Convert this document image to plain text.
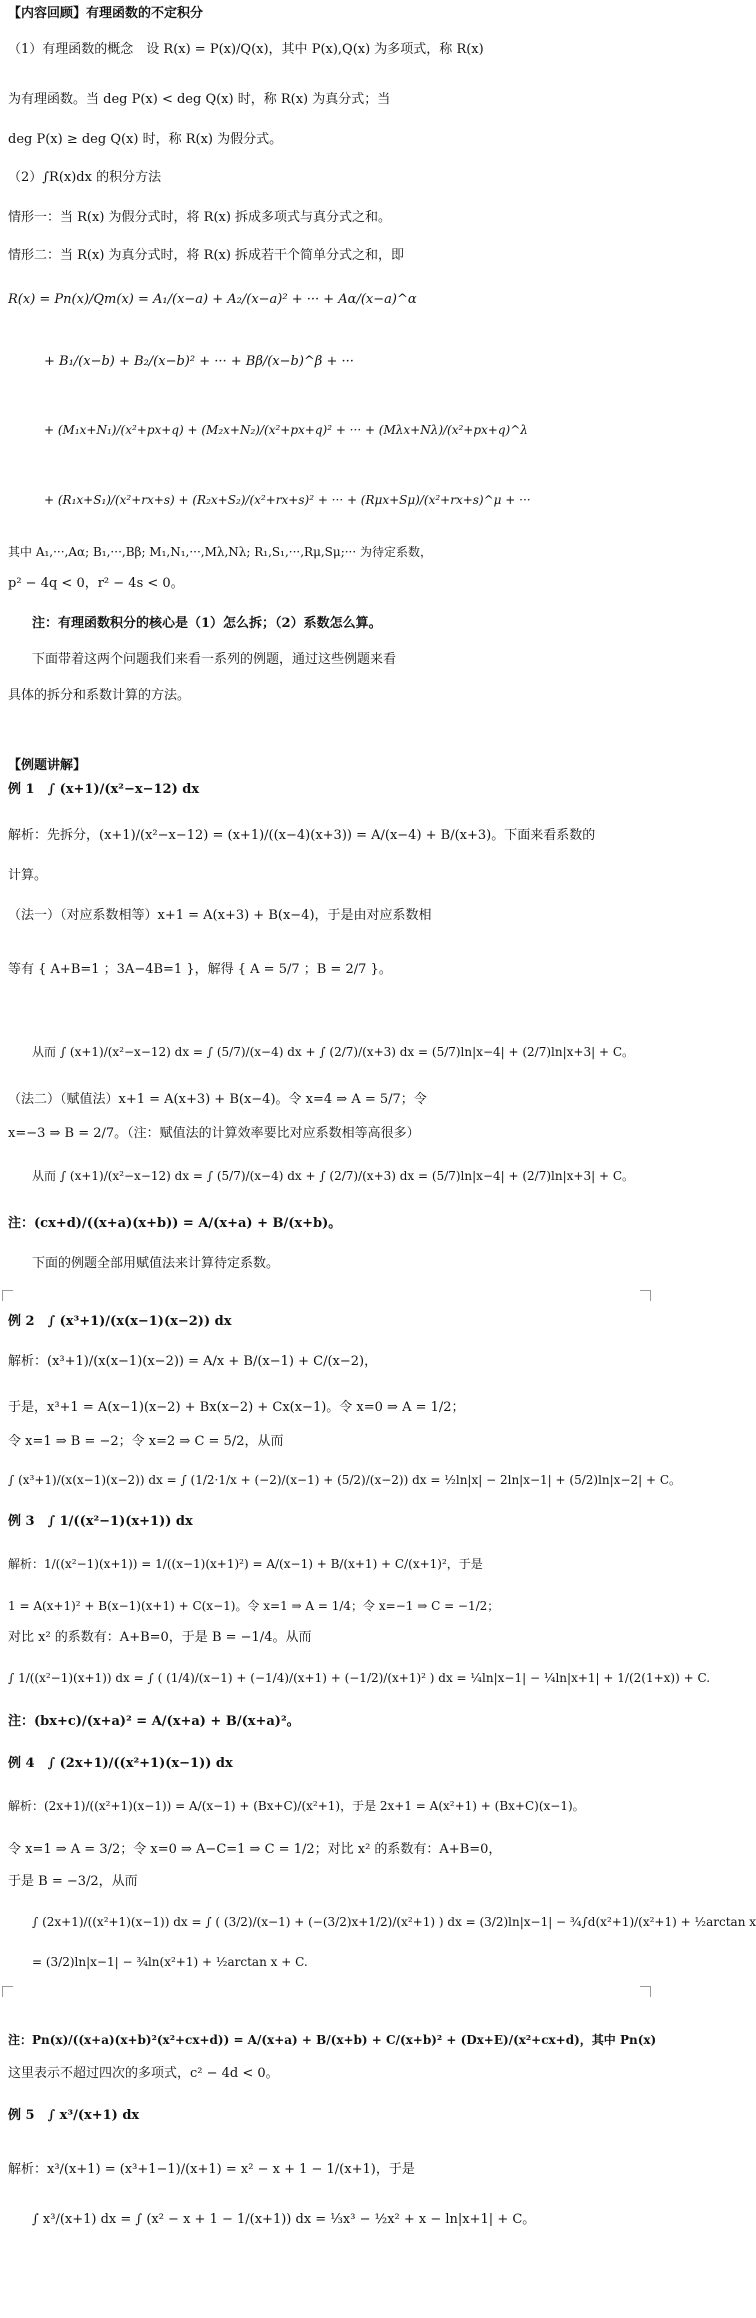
【内容回顾】有理函数的不定积分
（1）有理函数的概念　设 R(x) = P(x)/Q(x)，其中 P(x),Q(x) 为多项式，称 R(x)
为有理函数。当 deg P(x) < deg Q(x) 时，称 R(x) 为真分式；当
deg P(x) ≥ deg Q(x) 时，称 R(x) 为假分式。
（2）∫R(x)dx 的积分方法
情形一：当 R(x) 为假分式时，将 R(x) 拆成多项式与真分式之和。
情形二：当 R(x) 为真分式时，将 R(x) 拆成若干个简单分式之和，即
R(x) = Pn(x)/Qm(x) = A₁/(x−a) + A₂/(x−a)² + ··· + Aα/(x−a)^α
+ B₁/(x−b) + B₂/(x−b)² + ··· + Bβ/(x−b)^β + ···
+ (M₁x+N₁)/(x²+px+q) + (M₂x+N₂)/(x²+px+q)² + ··· + (Mλx+Nλ)/(x²+px+q)^λ
+ (R₁x+S₁)/(x²+rx+s) + (R₂x+S₂)/(x²+rx+s)² + ··· + (Rμx+Sμ)/(x²+rx+s)^μ + ···
其中 A₁,···,Aα; B₁,···,Bβ; M₁,N₁,···,Mλ,Nλ; R₁,S₁,···,Rμ,Sμ;··· 为待定系数，
p² − 4q < 0，r² − 4s < 0。
注：有理函数积分的核心是（1）怎么拆；（2）系数怎么算。
下面带着这两个问题我们来看一系列的例题，通过这些例题来看
具体的拆分和系数计算的方法。
【例题讲解】
例 1　∫ (x+1)/(x²−x−12) dx
解析：先拆分，(x+1)/(x²−x−12) = (x+1)/((x−4)(x+3)) = A/(x−4) + B/(x+3)。下面来看系数的
计算。
（法一）（对应系数相等）x+1 = A(x+3) + B(x−4)，于是由对应系数相
等有 { A+B=1 ；3A−4B=1 }，解得 { A = 5/7 ；B = 2/7 }。
从而 ∫ (x+1)/(x²−x−12) dx = ∫ (5/7)/(x−4) dx + ∫ (2/7)/(x+3) dx = (5/7)ln|x−4| + (2/7)ln|x+3| + C。
（法二）（赋值法）x+1 = A(x+3) + B(x−4)。令 x=4 ⇒ A = 5/7；令
x=−3 ⇒ B = 2/7。（注：赋值法的计算效率要比对应系数相等高很多）
从而 ∫ (x+1)/(x²−x−12) dx = ∫ (5/7)/(x−4) dx + ∫ (2/7)/(x+3) dx = (5/7)ln|x−4| + (2/7)ln|x+3| + C。
注：(cx+d)/((x+a)(x+b)) = A/(x+a) + B/(x+b)。
下面的例题全部用赋值法来计算待定系数。
例 2　∫ (x³+1)/(x(x−1)(x−2)) dx
解析：(x³+1)/(x(x−1)(x−2)) = A/x + B/(x−1) + C/(x−2)，
于是，x³+1 = A(x−1)(x−2) + Bx(x−2) + Cx(x−1)。令 x=0 ⇒ A = 1/2；
令 x=1 ⇒ B = −2；令 x=2 ⇒ C = 5/2，从而
∫ (x³+1)/(x(x−1)(x−2)) dx = ∫ (1/2·1/x + (−2)/(x−1) + (5/2)/(x−2)) dx = ½ln|x| − 2ln|x−1| + (5/2)ln|x−2| + C。
例 3　∫ 1/((x²−1)(x+1)) dx
解析：1/((x²−1)(x+1)) = 1/((x−1)(x+1)²) = A/(x−1) + B/(x+1) + C/(x+1)²，于是
1 = A(x+1)² + B(x−1)(x+1) + C(x−1)。令 x=1 ⇒ A = 1/4；令 x=−1 ⇒ C = −1/2；
对比 x² 的系数有：A+B=0，于是 B = −1/4。从而
∫ 1/((x²−1)(x+1)) dx = ∫ ( (1/4)/(x−1) + (−1/4)/(x+1) + (−1/2)/(x+1)² ) dx = ¼ln|x−1| − ¼ln|x+1| + 1/(2(1+x)) + C.
注：(bx+c)/(x+a)² = A/(x+a) + B/(x+a)²。
例 4　∫ (2x+1)/((x²+1)(x−1)) dx
解析：(2x+1)/((x²+1)(x−1)) = A/(x−1) + (Bx+C)/(x²+1)，于是 2x+1 = A(x²+1) + (Bx+C)(x−1)。
令 x=1 ⇒ A = 3/2；令 x=0 ⇒ A−C=1 ⇒ C = 1/2；对比 x² 的系数有：A+B=0，
于是 B = −3/2，从而
∫ (2x+1)/((x²+1)(x−1)) dx = ∫ ( (3/2)/(x−1) + (−(3/2)x+1/2)/(x²+1) ) dx = (3/2)ln|x−1| − ¾∫d(x²+1)/(x²+1) + ½arctan x
= (3/2)ln|x−1| − ¾ln(x²+1) + ½arctan x + C.
注：Pn(x)/((x+a)(x+b)²(x²+cx+d)) = A/(x+a) + B/(x+b) + C/(x+b)² + (Dx+E)/(x²+cx+d)，其中 Pn(x)
这里表示不超过四次的多项式，c² − 4d < 0。
例 5　∫ x³/(x+1) dx
解析：x³/(x+1) = (x³+1−1)/(x+1) = x² − x + 1 − 1/(x+1)，于是
∫ x³/(x+1) dx = ∫ (x² − x + 1 − 1/(x+1)) dx = ⅓x³ − ½x² + x − ln|x+1| + C。
